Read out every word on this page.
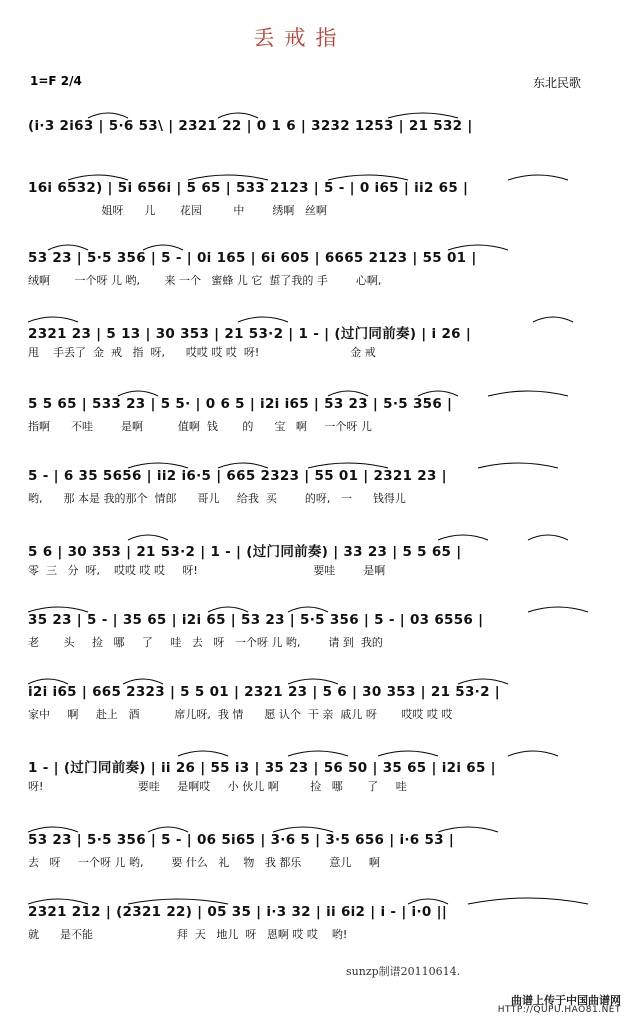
丢戒指
1=F 2/4	东北民歌
(i·3 2i63 | 5·6 53\ | 2321 22 | 0 1 6 | 3232 1253 | 21 532 |
16i 6532) | 5i 656i | 5 65 | 533 2123 | 5 - | 0 i65 | ii2 65 |
姐呀      儿       花园         中        绣啊   丝啊
53 23 | 5·5 356 | 5 - | 0i 165 | 6i 605 | 6665 2123 | 55 01 |
绒啊       一个呀 儿 哟,       来 一个   蜜蜂 儿 它  蜇了我的 手        心啊,
2321 23 | 5 13 | 30 353 | 21 53·2 | 1 - | (过门同前奏) | i 26 |
甩    手丢了  金  戒   指  呀,      哎哎 哎 哎  呀!                          金 戒
5 5 65 | 533 23 | 5 5· | 0 6 5 | i2i i65 | 53 23 | 5·5 356 |
指啊      不哇        是啊          值啊  钱       的      宝   啊     一个呀 儿
5 - | 6 35 5656 | ii2 i6·5 | 665 2323 | 55 01 | 2321 23 |
哟,      那 本是 我的那个  情郎      哥儿     给我  买        的呀,   一      钱得儿
5 6 | 30 353 | 21 53·2 | 1 - | (过门同前奏) | 33 23 | 5 5 65 |
零  三   分  呀,    哎哎 哎 哎     呀!                                 要哇        是啊
35 23 | 5 - | 35 65 | i2i 65 | 53 23 | 5·5 356 | 5 - | 03 6556 |
老       头     捡   哪     了     哇   去   呀   一个呀 儿 哟,        请 到  我的
i2i i65 | 665 2323 | 5 5 01 | 2321 23 | 5 6 | 30 353 | 21 53·2 |
家中     啊     赴上   酒          席儿呀,  我 情      愿 认个  干 亲  戚儿 呀       哎哎 哎 哎
1 - | (过门同前奏) | ii 26 | 55 i3 | 35 23 | 56 50 | 35 65 | i2i 65 |
呀!                           要哇     是啊哎     小 伙儿 啊         捡   哪       了     哇
53 23 | 5·5 356 | 5 - | 06 5i65 | 3·6 5 | 3·5 656 | i·6 53 |
去   呀     一个呀 儿 哟,        要 什么   礼    物   我 都乐        意儿     啊
2321 212 | (2321 22) | 05 35 | i·3 32 | ii 6i2 | i - | i·0 ||
就      是不能                        拜  天   地儿  呀   恩啊 哎 哎    哟!
sunzp制谱20110614.
曲谱上传于中国曲谱网
HTTP://QUPU.HAO81.NET
